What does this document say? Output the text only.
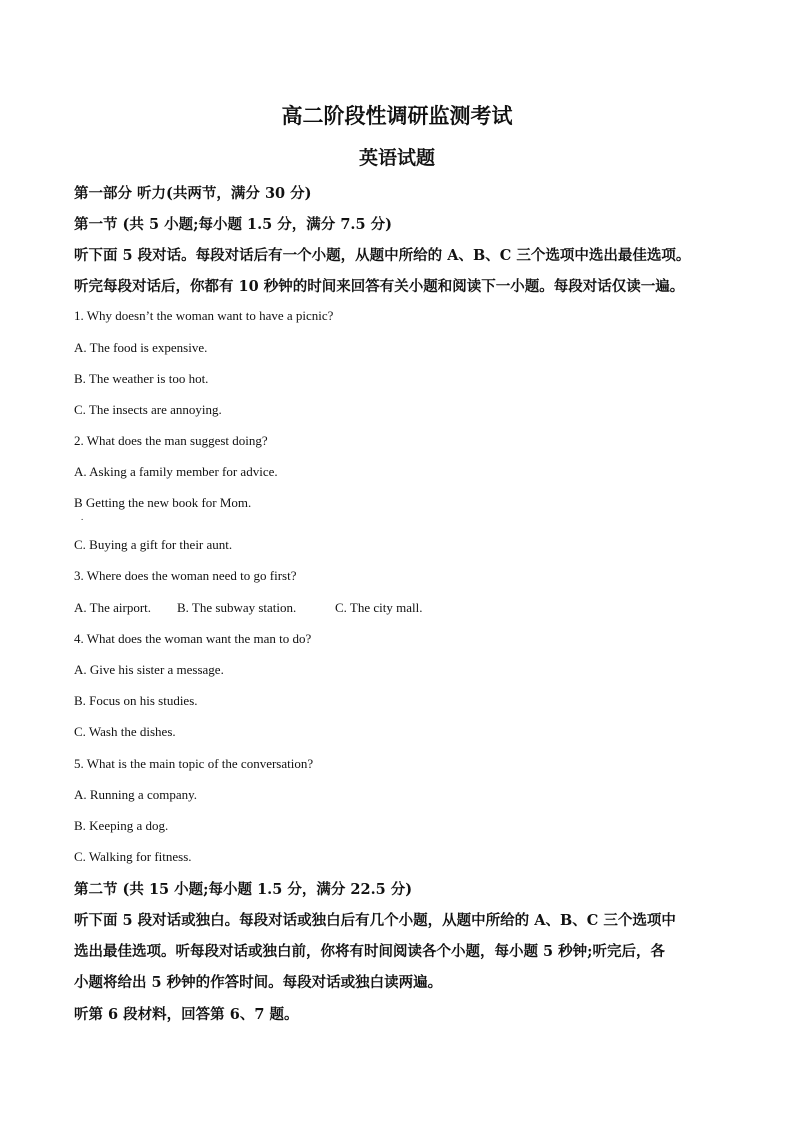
高二阶段性调研监测考试
英语试题
第一部分 听力(共两节，满分 30 分)
第一节 (共 5 小题;每小题 1.5 分，满分 7.5 分)
听下面 5 段对话。每段对话后有一个小题，从题中所给的 A、B、C 三个选项中选出最佳选项。
听完每段对话后，你都有 10 秒钟的时间来回答有关小题和阅读下一小题。每段对话仅读一遍。
1. Why doesn’t the woman want to have a picnic?
A. The food is expensive.
B. The weather is too hot.
C. The insects are annoying.
2. What does the man suggest doing?
A. Asking a family member for advice.
B Getting the new book for Mom.
.
C. Buying a gift for their aunt.
3. Where does the woman need to go first?
A. The airport. B. The subway station.	C. The city mall.
4. What does the woman want the man to do?
A. Give his sister a message.
B. Focus on his studies.
C. Wash the dishes.
5. What is the main topic of the conversation?
A. Running a company.
B. Keeping a dog.
C. Walking for fitness.
第二节 (共 15 小题;每小题 1.5 分，满分 22.5 分)
听下面 5 段对话或独白。每段对话或独白后有几个小题，从题中所给的 A、B、C 三个选项中
选出最佳选项。听每段对话或独白前，你将有时间阅读各个小题，每小题 5 秒钟;听完后，各
小题将给出 5 秒钟的作答时间。每段对话或独白读两遍。
听第 6 段材料，回答第 6、7 题。
